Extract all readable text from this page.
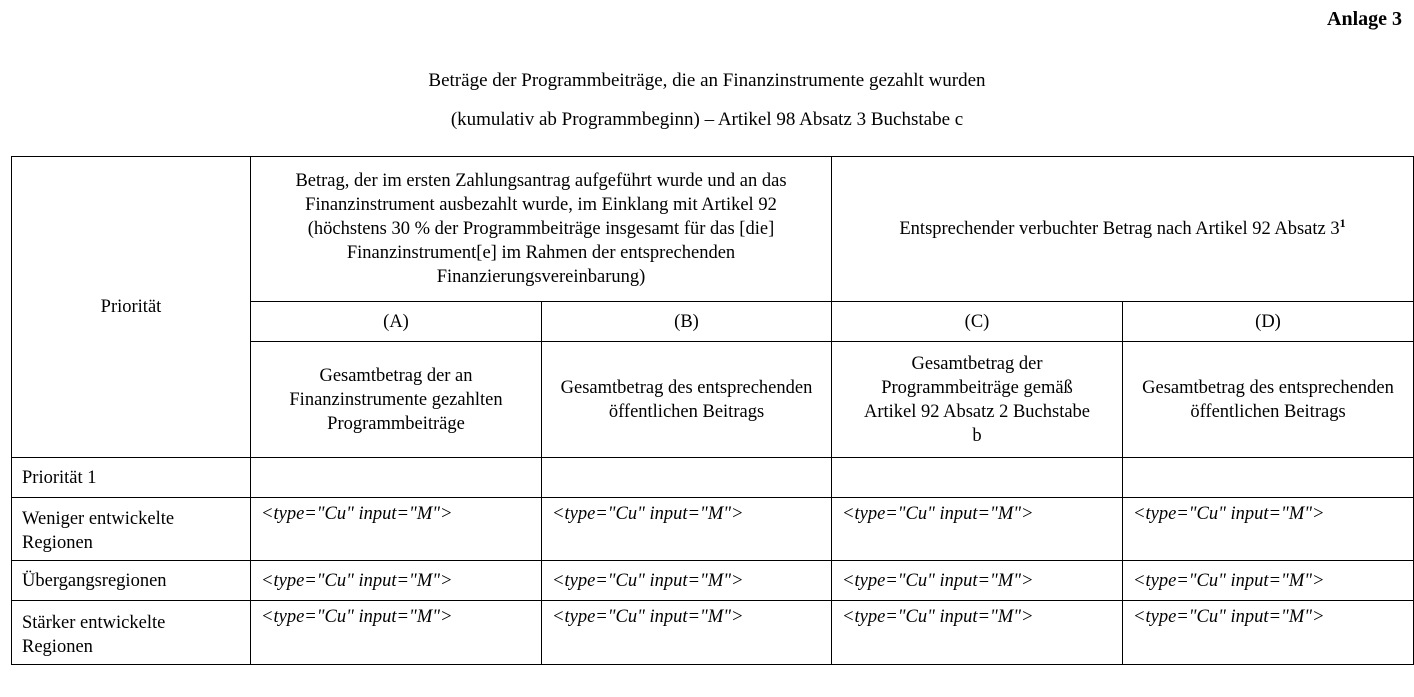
Anlage 3
Beträge der Programmbeiträge, die an Finanzinstrumente gezahlt wurden
(kumulativ ab Programmbeginn) – Artikel 98 Absatz 3 Buchstabe c
Priorität	Betrag, der im ersten Zahlungsantrag aufgeführt wurde und an das Finanzinstrument ausbezahlt wurde, im Einklang mit Artikel 92 (höchstens 30 % der Programmbeiträge insgesamt für das [die] Finanzinstrument[e] im Rahmen der entsprechenden Finanzierungsvereinbarung)		Entsprechender verbuchter Betrag nach Artikel 92 Absatz $3^1$
	(A)	(B)	(C)	(D)
	Gesamtbetrag der an Finanzinstrumente gezahlten Programmbeiträge	Gesamtbetrag des entsprechenden öffentlichen Beitrags	Gesamtbetrag der Programmbeiträge gemäß Artikel 92 Absatz 2 Buchstabe b	Gesamtbetrag des entsprechenden öffentlichen Beitrags
Priorität 1				
Weniger entwickelte Regionen	<type="Cu" input="M">	<type="Cu" input="M">	<type="Cu" input="M">	<type="Cu" input="M">
Übergangsregionen	<type="Cu" input="M">	<type="Cu" input="M">	<type="Cu" input="M">	<type="Cu" input="M">
Stärker entwickelte Regionen	<type="Cu" input="M">	<type="Cu" input="M">	<type="Cu" input="M">	<type="Cu" input="M">
